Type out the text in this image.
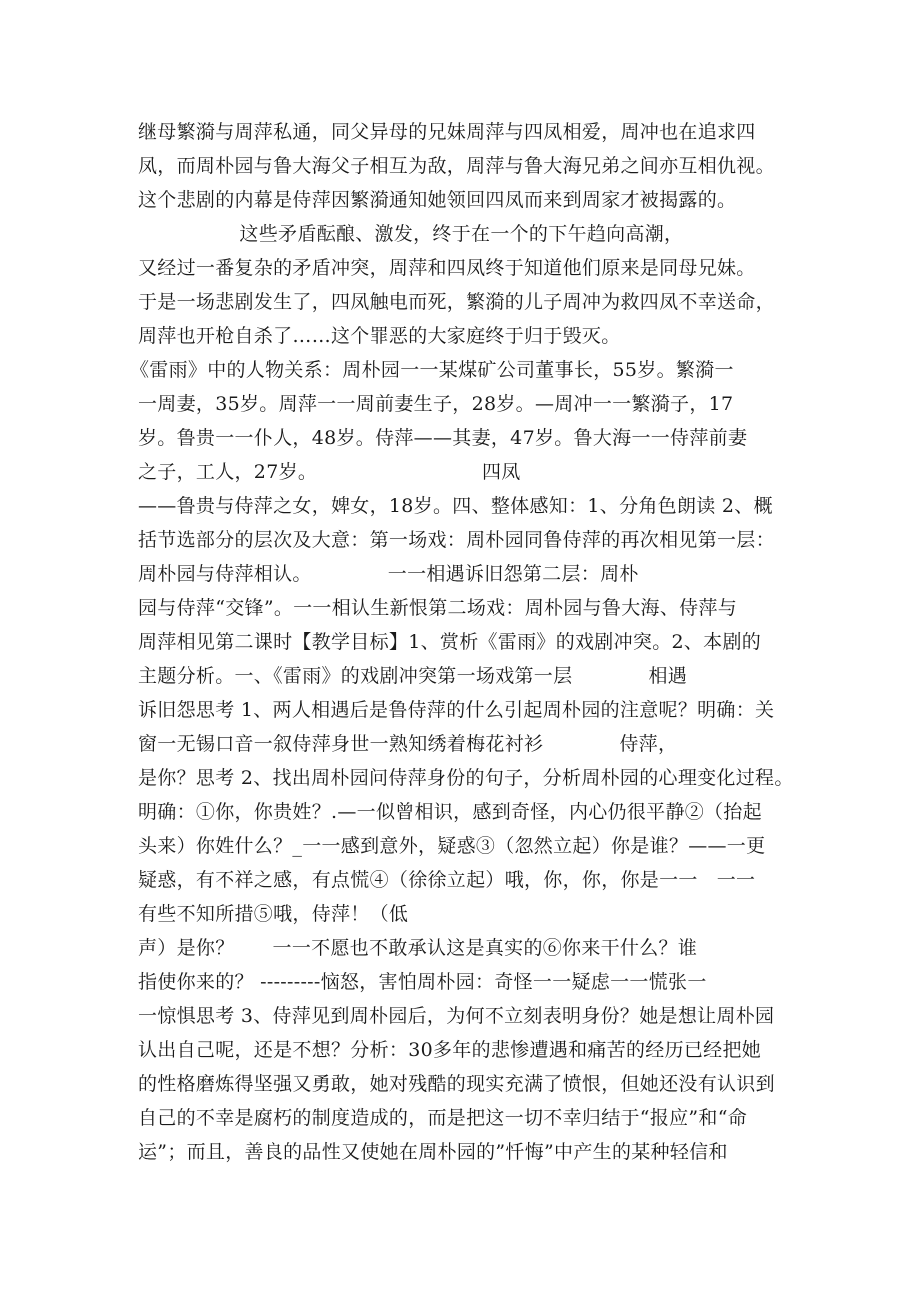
继母繁漪与周萍私通，同父异母的兄妹周萍与四凤相爱，周冲也在追求四
凤，而周朴园与鲁大海父子相互为敌，周萍与鲁大海兄弟之间亦互相仇视。
这个悲剧的内幕是侍萍因繁漪通知她领回四凤而来到周家才被揭露的。
这些矛盾酝酿、激发，终于在一个的下午趋向高潮，
又经过一番复杂的矛盾冲突，周萍和四凤终于知道他们原来是同母兄妹。
于是一场悲剧发生了，四凤触电而死，繁漪的儿子周冲为救四凤不幸送命，
周萍也开枪自杀了……这个罪恶的大家庭终于归于毁灭。
《雷雨》中的人物关系：周朴园一一某煤矿公司董事长，55岁。繁漪一
一周妻，35岁。周萍一一周前妻生子，28岁。—周冲一一繁漪子，17
岁。鲁贵一一仆人，48岁。侍萍——其妻，47岁。鲁大海一一侍萍前妻
之子，工人，27岁。                          四凤
——鲁贵与侍萍之女，婢女，18岁。四、整体感知：1、分角色朗读 2、概
括节选部分的层次及大意：第一场戏：周朴园同鲁侍萍的再次相见第一层：
周朴园与侍萍相认。            一一相遇诉旧怨第二层：周朴
园与侍萍“交锋”。一一相认生新恨第二场戏：周朴园与鲁大海、侍萍与
周萍相见第二课时【教学目标】1、赏析《雷雨》的戏剧冲突。2、本剧的
主题分析。一、《雷雨》的戏剧冲突第一场戏第一层            相遇
诉旧怨思考 1、两人相遇后是鲁侍萍的什么引起周朴园的注意呢？明确：关
窗一无锡口音一叙侍萍身世一熟知绣着梅花衬衫            侍萍，
是你？思考 2、找出周朴园问侍萍身份的句子，分析周朴园的心理变化过程。
明确：①你，你贵姓？.—一似曾相识，感到奇怪，内心仍很平静②（抬起
头来）你姓什么？_一一感到意外，疑惑③（忽然立起）你是谁？——一更
疑惑，有不祥之感，有点慌④（徐徐立起）哦，你，你，你是一一   一一
有些不知所措⑤哦，侍萍！（低
声）是你？      一一不愿也不敢承认这是真实的⑥你来干什么？谁
指使你来的？ ---------恼怒，害怕周朴园：奇怪一一疑虑一一慌张一
一惊惧思考 3、侍萍见到周朴园后，为何不立刻表明身份？她是想让周朴园
认出自己呢，还是不想？分析：30多年的悲惨遭遇和痛苦的经历已经把她
的性格磨炼得坚强又勇敢，她对残酷的现实充满了愤恨，但她还没有认识到
自己的不幸是腐朽的制度造成的，而是把这一切不幸归结于“报应”和“命
运”；而且，善良的品性又使她在周朴园的”忏悔”中产生的某种轻信和
